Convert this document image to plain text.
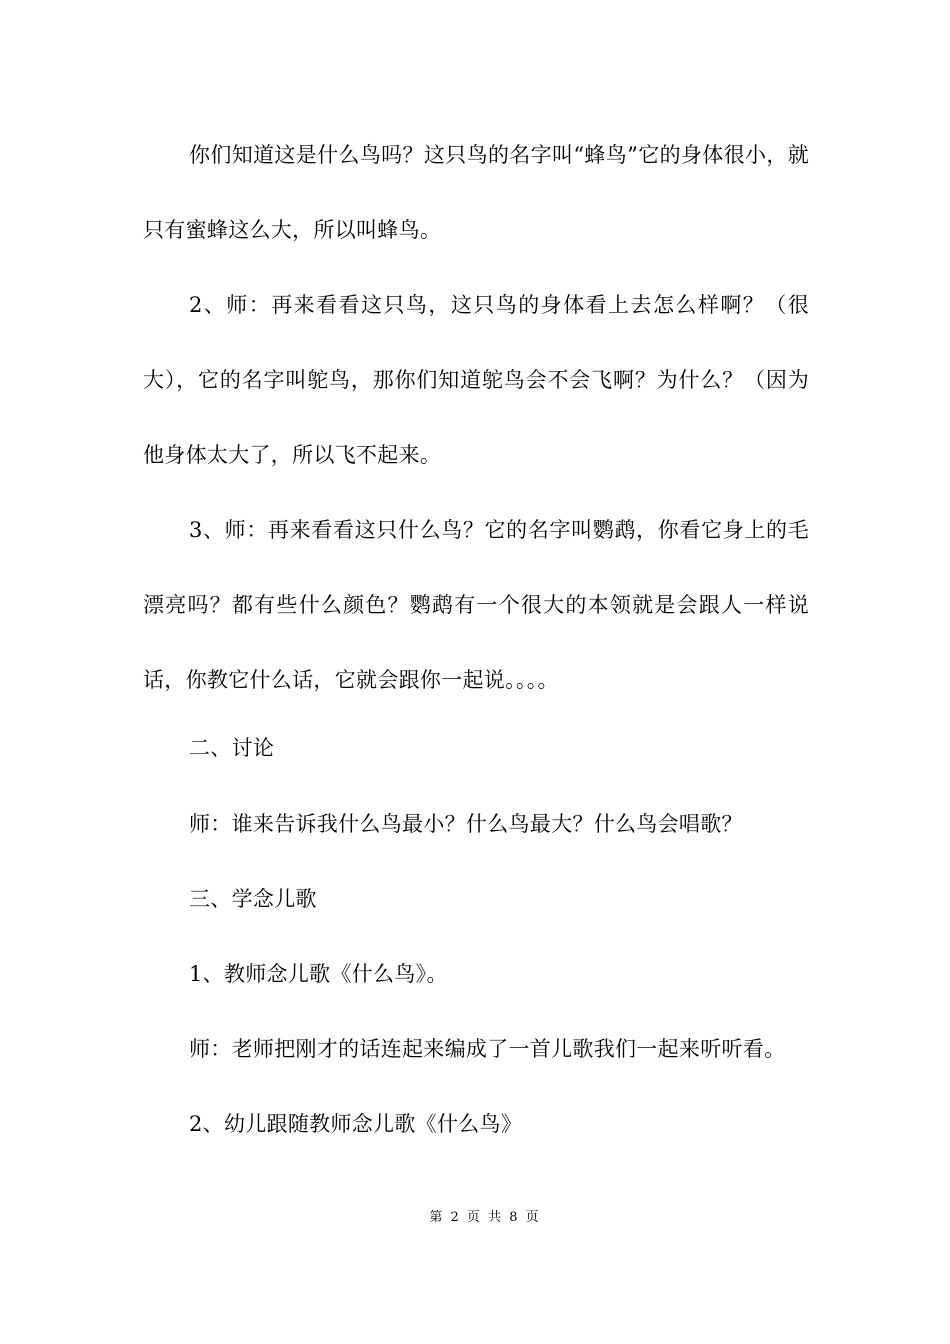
你们知道这是什么鸟吗？这只鸟的名字叫“蜂鸟”它的身体很小，就只有蜜蜂这么大，所以叫蜂鸟。

2、师：再来看看这只鸟，这只鸟的身体看上去怎么样啊？（很大），它的名字叫鸵鸟，那你们知道鸵鸟会不会飞啊？为什么？（因为他身体太大了，所以飞不起来。

3、师：再来看看这只什么鸟？它的名字叫鹦鹉，你看它身上的毛漂亮吗？都有些什么颜色？鹦鹉有一个很大的本领就是会跟人一样说话，你教它什么话，它就会跟你一起说。。。。

二、讨论

师：谁来告诉我什么鸟最小？什么鸟最大？什么鸟会唱歌？

三、学念儿歌

1、教师念儿歌《什么鸟》。

师：老师把刚才的话连起来编成了一首儿歌我们一起来听听看。

2、幼儿跟随教师念儿歌《什么鸟》

第 2 页 共 8 页
